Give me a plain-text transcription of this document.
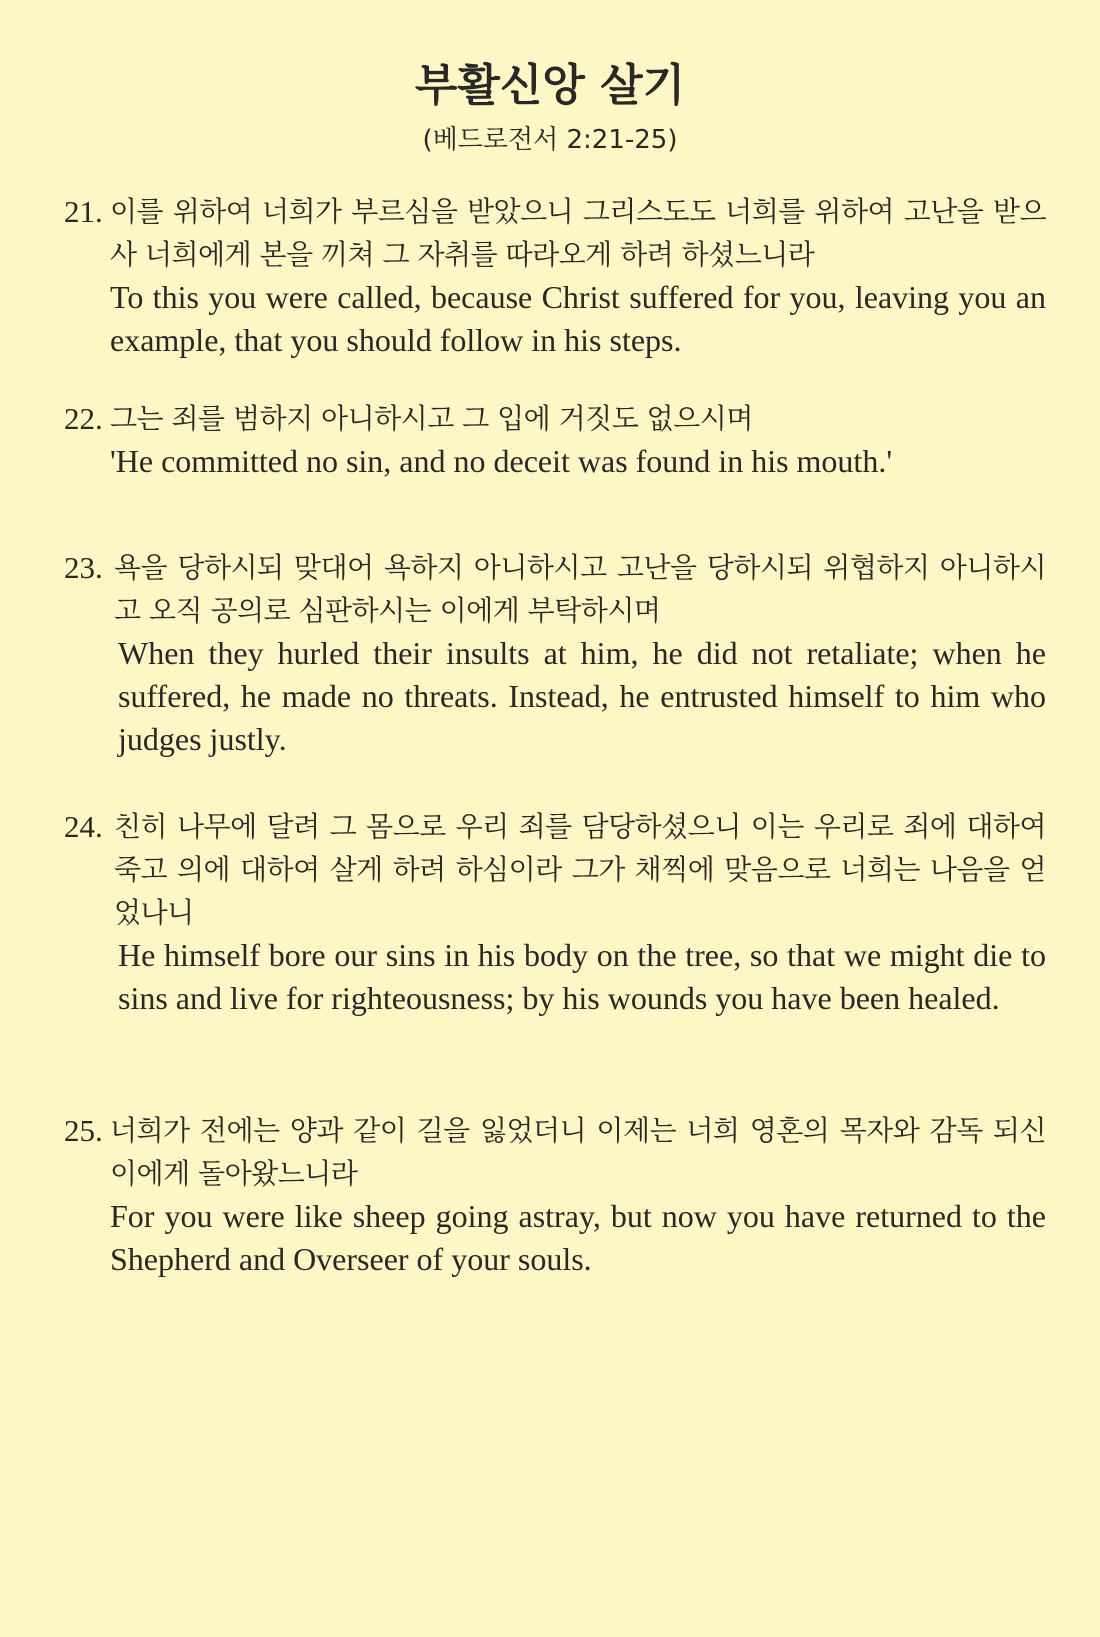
부활신앙 살기

(베드로전서 2:21-25)

21. 이를 위하여 너희가 부르심을 받았으니 그리스도도 너희를 위하여 고난을 받으사 너희에게 본을 끼쳐 그 자취를 따라오게 하려 하셨느니라

To this you were called, because Christ suffered for you, leaving you an example, that you should follow in his steps.

22. 그는 죄를 범하지 아니하시고 그 입에 거짓도 없으시며

'He committed no sin, and no deceit was found in his mouth.'

23. 욕을 당하시되 맞대어 욕하지 아니하시고 고난을 당하시되 위협하지 아니하시고 오직 공의로 심판하시는 이에게 부탁하시며

When they hurled their insults at him, he did not retaliate; when he suffered, he made no threats. Instead, he entrusted himself to him who judges justly.

24. 친히 나무에 달려 그 몸으로 우리 죄를 담당하셨으니 이는 우리로 죄에 대하여 죽고 의에 대하여 살게 하려 하심이라 그가 채찍에 맞음으로 너희는 나음을 얻었나니

He himself bore our sins in his body on the tree, so that we might die to sins and live for righteousness; by his wounds you have been healed.

25. 너희가 전에는 양과 같이 길을 잃었더니 이제는 너희 영혼의 목자와 감독 되신 이에게 돌아왔느니라

For you were like sheep going astray, but now you have returned to the Shepherd and Overseer of your souls.
